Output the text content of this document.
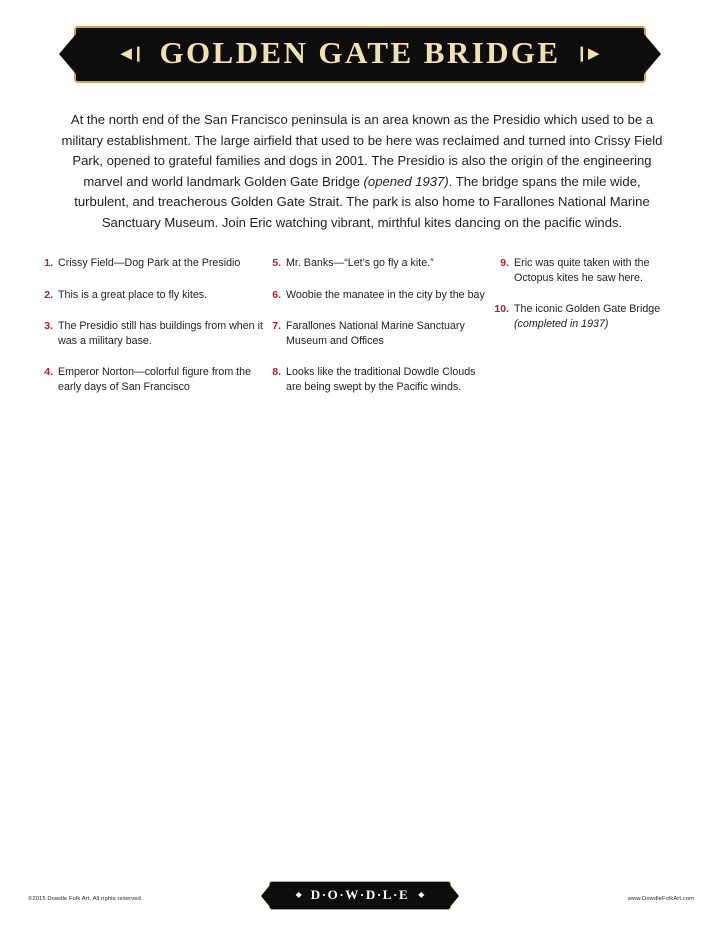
◀❙ GOLDEN GATE BRIDGE ❙▶
At the north end of the San Francisco peninsula is an area known as the Presidio which used to be a military establishment. The large airfield that used to be here was reclaimed and turned into Crissy Field Park, opened to grateful families and dogs in 2001. The Presidio is also the origin of the engineering marvel and world landmark Golden Gate Bridge (opened 1937). The bridge spans the mile wide, turbulent, and treacherous Golden Gate Strait. The park is also home to Farallones National Marine Sanctuary Museum. Join Eric watching vibrant, mirthful kites dancing on the pacific winds.
1. Crissy Field—Dog Park at the Presidio
2. This is a great place to fly kites.
3. The Presidio still has buildings from when it was a military base.
4. Emperor Norton—colorful figure from the early days of San Francisco
5. Mr. Banks—“Let’s go fly a kite.”
6. Woobie the manatee in the city by the bay
7. Farallones National Marine Sanctuary Museum and Offices
8. Looks like the traditional Dowdle Clouds are being swept by the Pacific winds.
9. Eric was quite taken with the Octopus kites he saw here.
10. The iconic Golden Gate Bridge
(completed in 1937)
©2015 Dowdle Folk Art. All rights reserved.	◆ D·O·W·D·L·E ◆	www.DowdleFolkArt.com
